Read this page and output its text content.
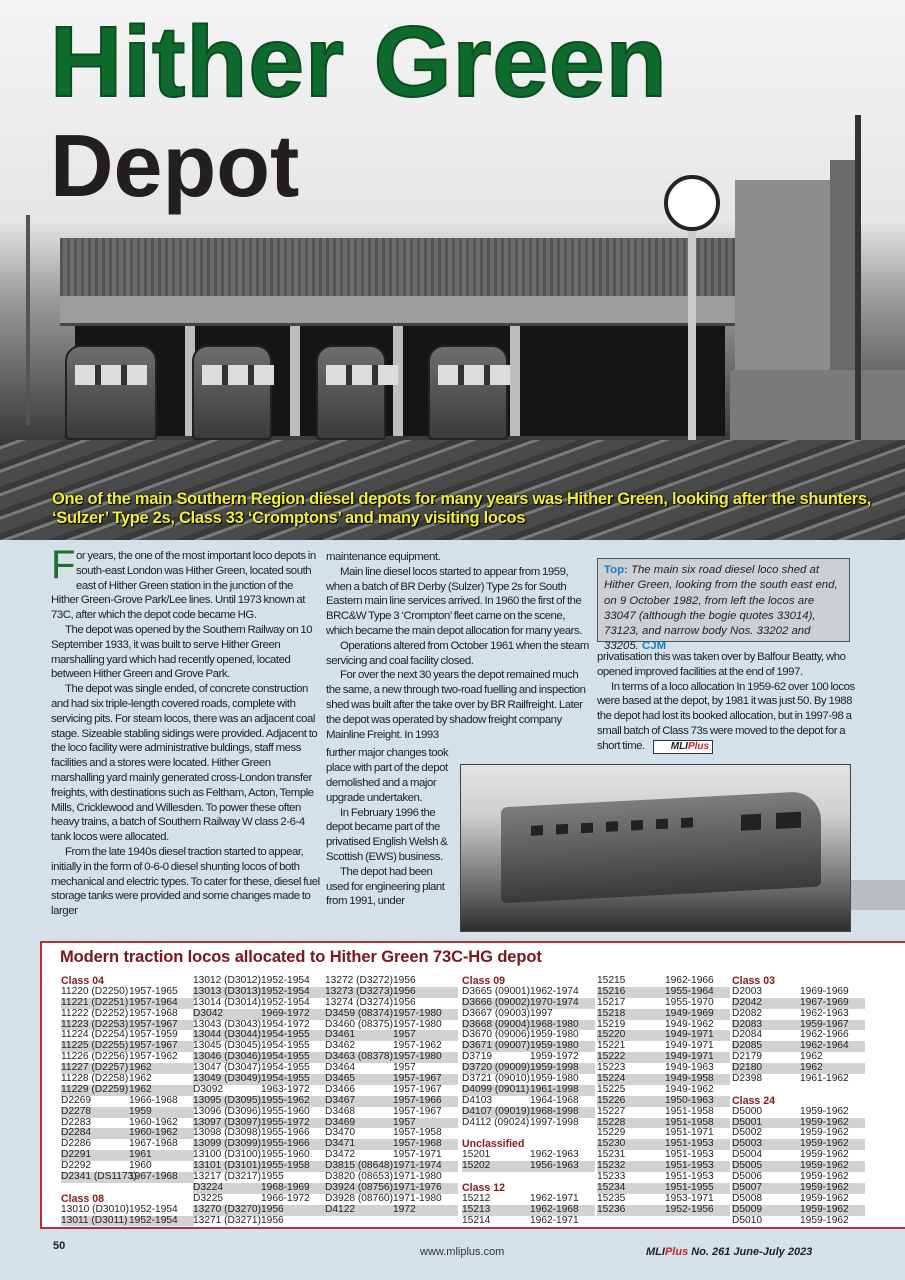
Hither Green
Depot
One of the main Southern Region diesel depots for many years was Hither Green, looking after the shunters, ‘Sulzer’ Type 2s, Class 33 ‘Cromptons’ and many visiting locos

For years, the one of the most important loco depots in south-east London was Hither Green, located south east of Hither Green station in the junction of the Hither Green-Grove Park/Lee lines. Until 1973 known at 73C, after which the depot code became HG.

The depot was opened by the Southern Railway on 10 September 1933, it was built to serve Hither Green marshalling yard which had recently opened, located between Hither Green and Grove Park.

The depot was single ended, of concrete construction and had six triple-length covered roads, complete with servicing pits. For steam locos, there was an adjacent coal stage. Sizeable stabling sidings were provided. Adjacent to the loco facility were administrative buldings, staff mess facilities and a stores were located. Hither Green marshalling yard mainly generated cross-London transfer freights, with destinations such as Feltham, Acton, Temple Mills, Cricklewood and Willesden. To power these often heavy trains, a batch of Southern Railway W class 2-6-4 tank locos were allocated.

From the late 1940s diesel traction started to appear, initially in the form of 0-6-0 diesel shunting locos of both mechanical and electric types. To cater for these, diesel fuel storage tanks were provided and some changes made to larger

maintenance equipment.

Main line diesel locos started to appear from 1959, when a batch of BR Derby (Sulzer) Type 2s for South Eastern main line services arrived. In 1960 the first of the BRC&W Type 3 ‘Crompton’ fleet came on the scene, which became the main depot allocation for many years.

Operations altered from October 1961 when the steam servicing and coal facility closed.

For over the next 30 years the depot remained much the same, a new through two-road fuelling and inspection shed was built after the take over by BR Railfreight. Later the depot was operated by shadow freight company Mainline Freight. In 1993

further major changes took place with part of the depot demolished and a major upgrade undertaken.

In February 1996 the depot became part of the privatised English Welsh & Scottish (EWS) business.

The depot had been used for engineering plant from 1991, under

Top: The main six road diesel loco shed at Hither Green, looking from the south east end, on 9 October 1982, from left the locos are 33047 (although the bogie quotes 33014), 73123, and narrow body Nos. 33202 and 33205. CJM

privatisation this was taken over by Balfour Beatty, who opened improved facilities at the end of 1997.

In terms of a loco allocation In 1959-62 over 100 locos were based at the depot, by 1981 it was just 50. By 1988 the depot had lost its booked allocation, but in 1997-98 a small batch of Class 73s were moved to the depot for a short time.	MLIPlus

Modern traction locos allocated to Hither Green 73C-HG depot
Class 04
11220 (D2250) 1957-1965
11221 (D2251) 1957-1964
11222 (D2252) 1957-1968
11223 (D2253) 1957-1967
11224 (D2254) 1957-1959
11225 (D2255) 1957-1967
11226 (D2256) 1957-1962
11227 (D2257) 1962
11228 (D2258) 1962
11229 (D2259) 1962
D2269	1966-1968
D2278	1959
D2283	1960-1962
D2284	1960-1962
D2286	1967-1968
D2291	1961
D2292	1960
D2341 (DS1173)
1967-1968
Class 08
13010 (D3010) 1952-1954
13011 (D3011) 1952-1954
13012 (D3012) 1952-1954
13013 (D3013) 1952-1954
13014 (D3014) 1952-1954
D3042	1969-1972
13043 (D3043) 1954-1972
13044 (D3044) 1954-1955
13045 (D3045) 1954-1955
13046 (D3046) 1954-1955
13047 (D3047) 1954-1955
13049 (D3049) 1954-1955
D3092	1963-1972
13095 (D3095) 1955-1962
13096 (D3096) 1955-1960
13097 (D3097) 1955-1972
13098 (D3098) 1955-1966
13099 (D3099) 1955-1966
13100 (D3100) 1955-1960
13101 (D3101) 1955-1958
13217 (D3217) 1955
D3224	1968-1969
D3225	1966-1972
13270 (D3270) 1956
13271 (D3271) 1956
13272 (D3272) 1956
13273 (D3273) 1956
13274 (D3274) 1956
D3459 (08374) 1957-1980
D3460 (08375) 1957-1980
D3461	1957
D3462	1957-1962
D3463 (08378) 1957-1980
D3464	1957
D3465	1957-1967
D3466	1957-1967
D3467	1957-1966
D3468	1957-1967
D3469	1957
D3470	1957-1958
D3471	1957-1968
D3472	1957-1971
D3815 (08648) 1971-1974
D3820 (08653) 1971-1980
D3924 (08756) 1971-1976
D3928 (08760) 1971-1980
D4122	1972
Class 09
D3665 (09001) 1962-1974
D3666 (09002) 1970-1974
D3667 (09003) 1997
D3668 (09004) 1968-1980
D3670 (09006) 1959-1980
D3671 (09007) 1959-1980
D3719	1959-1972
D3720 (09009) 1959-1998
D3721 (09010) 1959-1980
D4099 (09011) 1961-1998
D4103	1964-1968
D4107 (09019) 1968-1998
D4112 (09024) 1997-1998
Unclassified
15201	1962-1963
15202	1956-1963
Class 12
15212	1962-1971
15213	1962-1968
15214	1962-1971
15215	1962-1966
15216	1955-1964
15217	1955-1970
15218	1949-1969
15219	1949-1962
15220	1949-1971
15221	1949-1971
15222	1949-1971
15223	1949-1963
15224	1949-1958
15225	1949-1962
15226	1950-1963
15227	1951-1958
15228	1951-1958
15229	1951-1971
15230	1951-1953
15231	1951-1953
15232	1951-1953
15233	1951-1953
15234	1951-1955
15235	1953-1971
15236	1952-1956
Class 03
D2003	1969-1969
D2042	1967-1969
D2082	1962-1963
D2083	1959-1967
D2084	1962-1966
D2085	1962-1964
D2179	1962
D2180	1962
D2398	1961-1962
Class 24
D5000	1959-1962
D5001	1959-1962
D5002	1959-1962
D5003	1959-1962
D5004	1959-1962
D5005	1959-1962
D5006	1959-1962
D5007	1959-1962
D5008	1959-1962
D5009	1959-1962
D5010	1959-1962
50	www.mliplus.com	MLIPlus No. 261 June-July 2023
